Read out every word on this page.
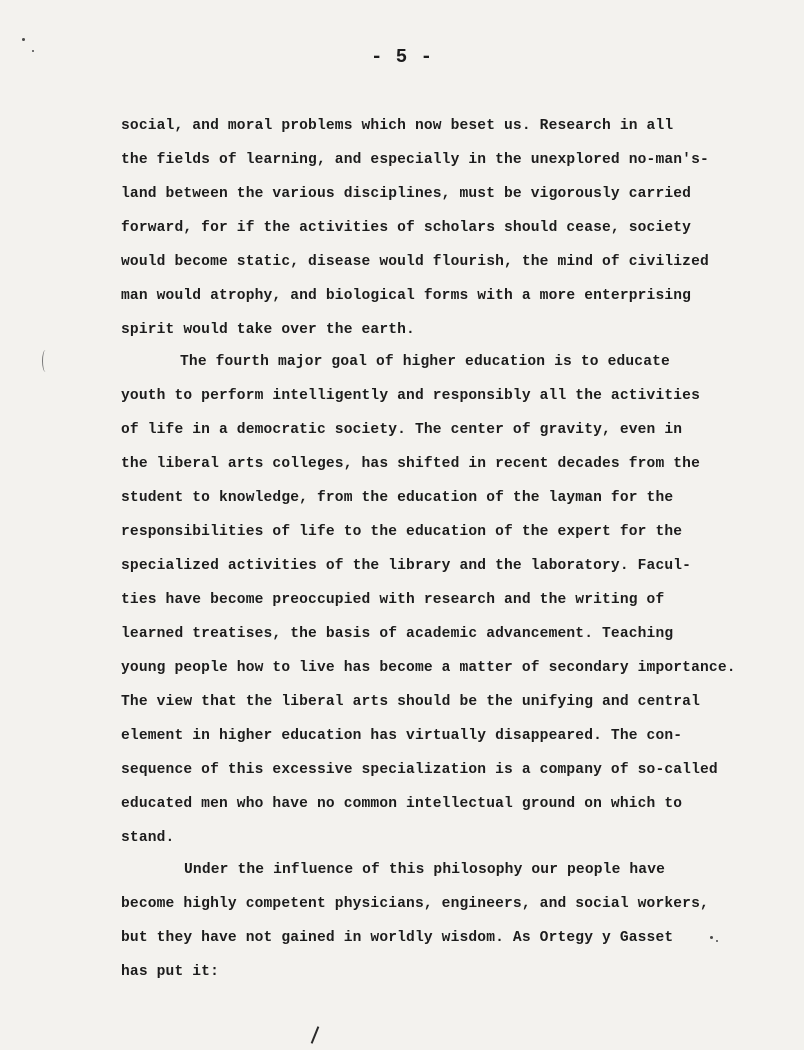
- 5 -

social, and moral problems which now beset us. Research in all

the fields of learning, and especially in the unexplored no-man's-

land between the various disciplines, must be vigorously carried

forward, for if the activities of scholars should cease, society

would become static, disease would flourish, the mind of civilized

man would atrophy, and biological forms with a more enterprising

spirit would take over the earth.

The fourth major goal of higher education is to educate

youth to perform intelligently and responsibly all the activities

of life in a democratic society. The center of gravity, even in

the liberal arts colleges, has shifted in recent decades from the

student to knowledge, from the education of the layman for the

responsibilities of life to the education of the expert for the

specialized activities of the library and the laboratory. Facul-

ties have become preoccupied with research and the writing of

learned treatises, the basis of academic advancement. Teaching

young people how to live has become a matter of secondary importance.

The view that the liberal arts should be the unifying and central

element in higher education has virtually disappeared. The con-

sequence of this excessive specialization is a company of so-called

educated men who have no common intellectual ground on which to

stand.

Under the influence of this philosophy our people have

become highly competent physicians, engineers, and social workers,

but they have not gained in worldly wisdom. As Ortegy y Gasset

has put it:
